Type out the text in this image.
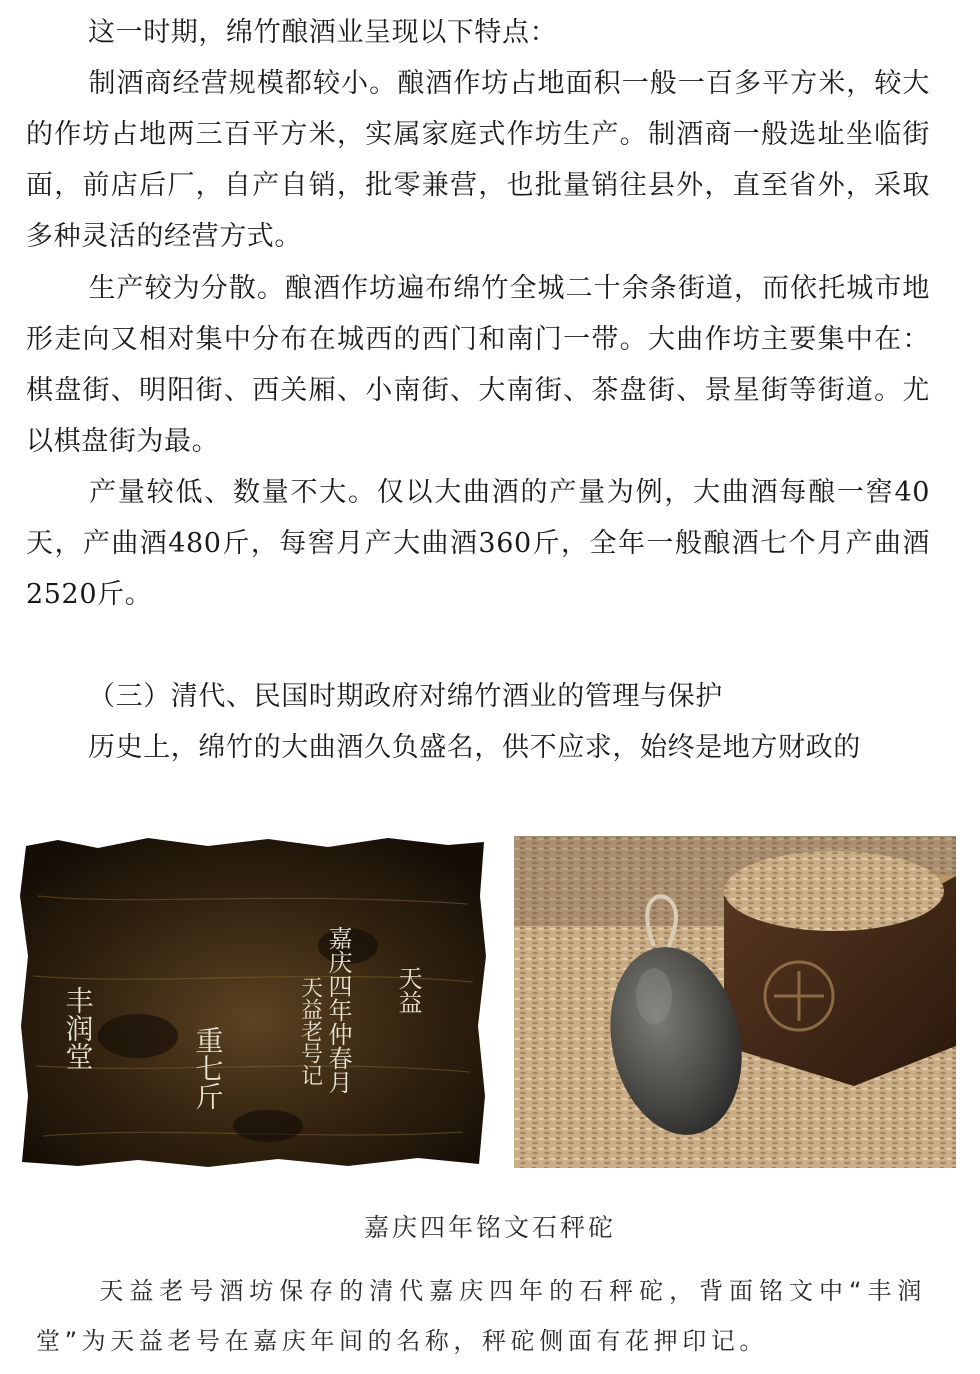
这一时期，绵竹酿酒业呈现以下特点：

制酒商经营规模都较小。酿酒作坊占地面积一般一百多平方米，较大的作坊占地两三百平方米，实属家庭式作坊生产。制酒商一般选址坐临街面，前店后厂，自产自销，批零兼营，也批量销往县外，直至省外，采取多种灵活的经营方式。

生产较为分散。酿酒作坊遍布绵竹全城二十余条街道，而依托城市地形走向又相对集中分布在城西的西门和南门一带。大曲作坊主要集中在：棋盘街、明阳街、西关厢、小南街、大南街、茶盘街、景星街等街道。尤以棋盘街为最。

产量较低、数量不大。仅以大曲酒的产量为例，大曲酒每酿一窖40天，产曲酒480斤，每窖月产大曲酒360斤，全年一般酿酒七个月产曲酒2520斤。

（三）清代、民国时期政府对绵竹酒业的管理与保护

历史上，绵竹的大曲酒久负盛名，供不应求，始终是地方财政的

丰润堂	重七斤	嘉庆四年仲春月
天益老号记	天益
嘉庆四年铭文石秤砣

天益老号酒坊保存的清代嘉庆四年的石秤砣，背面铭文中“丰润堂”为天益老号在嘉庆年间的名称，秤砣侧面有花押印记。
